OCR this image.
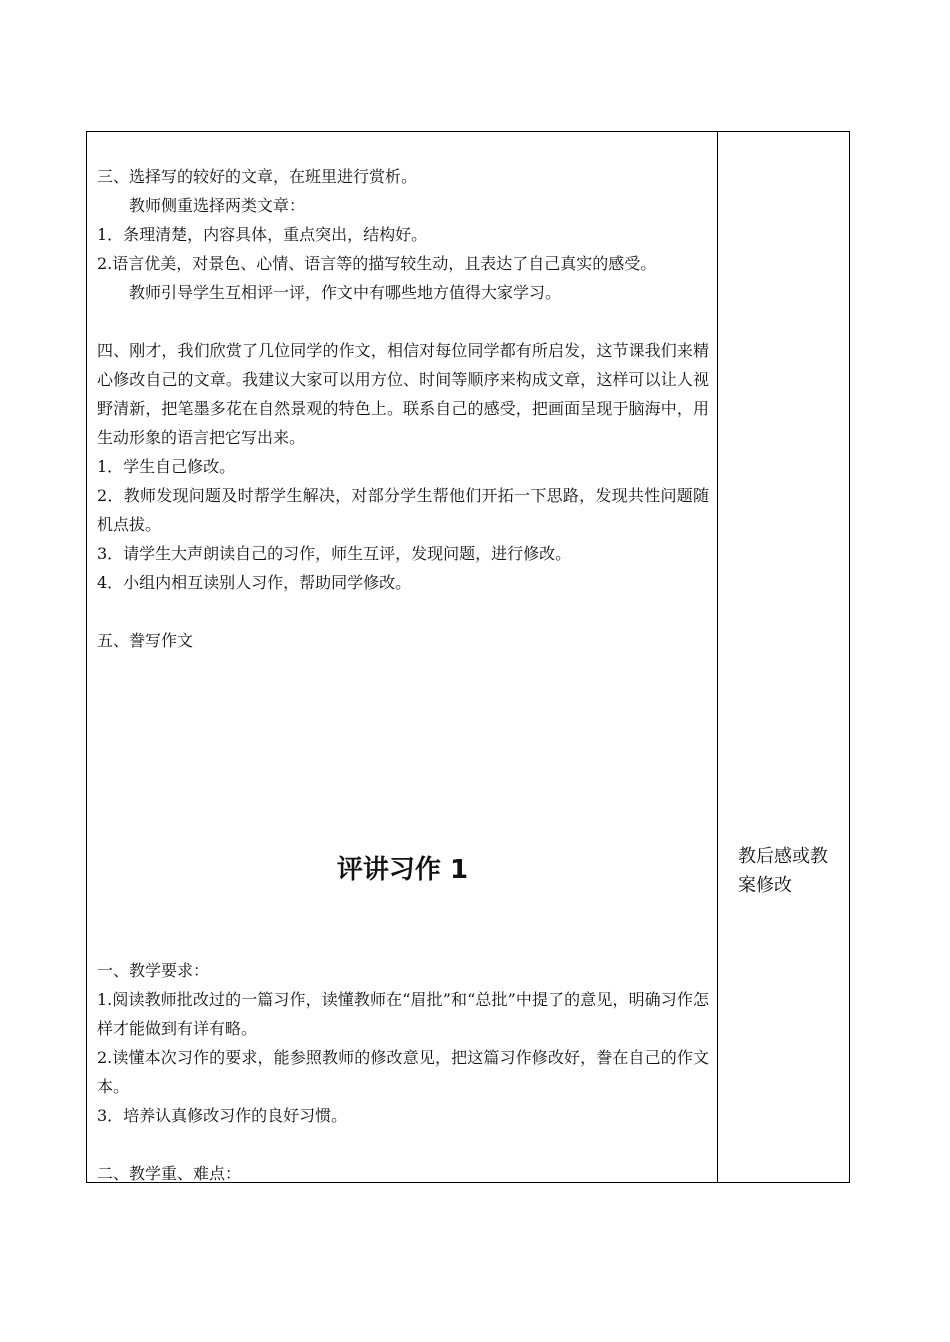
三、选择写的较好的文章，在班里进行赏析。

教师侧重选择两类文章：

1．条理清楚，内容具体，重点突出，结构好。

2.语言优美，对景色、心情、语言等的描写较生动，且表达了自己真实的感受。

教师引导学生互相评一评，作文中有哪些地方值得大家学习。

四、刚才，我们欣赏了几位同学的作文，相信对每位同学都有所启发，这节课我们来精心修改自己的文章。我建议大家可以用方位、时间等顺序来构成文章，这样可以让人视野清新，把笔墨多花在自然景观的特色上。联系自己的感受，把画面呈现于脑海中，用生动形象的语言把它写出来。

1．学生自己修改。

2．教师发现问题及时帮学生解决，对部分学生帮他们开拓一下思路，发现共性问题随机点拔。

3．请学生大声朗读自己的习作，师生互评，发现问题，进行修改。

4．小组内相互读别人习作，帮助同学修改。

五、誊写作文

评讲习作 1

一、教学要求：

1.阅读教师批改过的一篇习作，读懂教师在“眉批”和“总批”中提了的意见，明确习作怎样才能做到有详有略。

2.读懂本次习作的要求，能参照教师的修改意见，把这篇习作修改好，誊在自己的作文本。

3．培养认真修改习作的良好习惯。

二、教学重、难点：

教后感或教案修改
